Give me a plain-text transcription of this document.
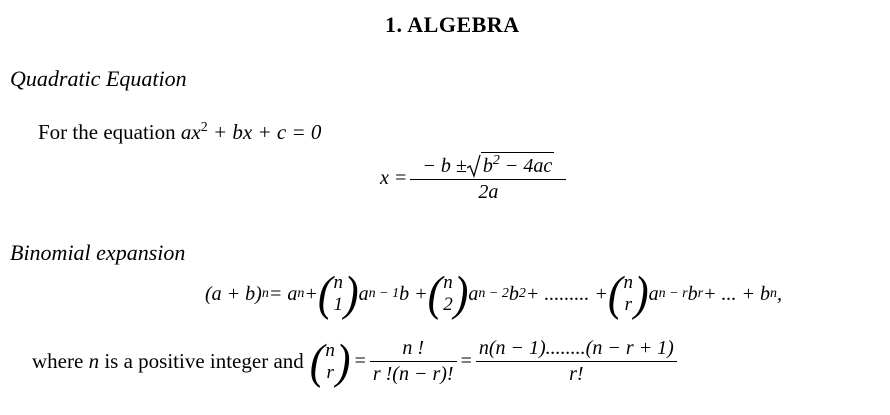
1. ALGEBRA
Quadratic Equation
For the equation $ax^2$ + bx + c = 0
$x = \frac{- b \pm b^2 - 4ac}{2a}$
Binomial expansion
(a + b) n = a n + ( n
1 ) a n − 1 b + ( n
2 ) a n − 2 b 2 + ......... + ( n
r ) a n − r b r + ... + b n ,
where n is a positive integer and ( n
r ) = $\frac{n !}{r !(n - r)!} = \frac{n(n - 1)........(n - r + 1)}{r!}$
